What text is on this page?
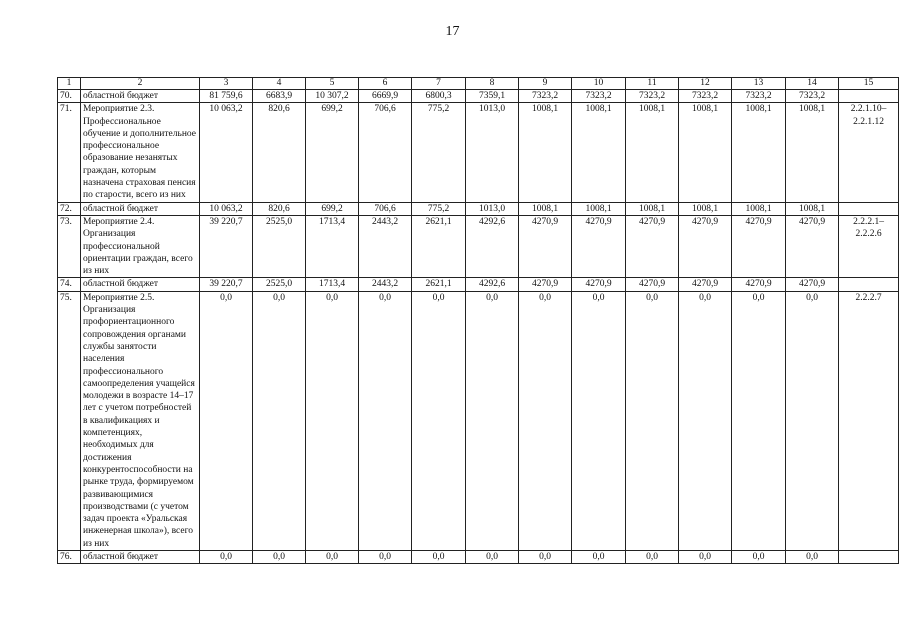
17
1	2	3	4	5	6	7	8	9	10	11	12	13	14	15
70.	областной бюджет	81 759,6	6683,9	10 307,2	6669,9	6800,3	7359,1	7323,2	7323,2	7323,2	7323,2	7323,2	7323,2	
71.	Мероприятие 2.3. Профессиональное обучение и дополнительное профессиональное образование незанятых граждан, которым назначена страховая пенсия по старости, всего из них	10 063,2	820,6	699,2	706,6	775,2	1013,0	1008,1	1008,1	1008,1	1008,1	1008,1	1008,1	2.2.1.10–2.2.1.12
72.	областной бюджет	10 063,2	820,6	699,2	706,6	775,2	1013,0	1008,1	1008,1	1008,1	1008,1	1008,1	1008,1	
73.	Мероприятие 2.4. Организация профессиональной ориентации граждан, всего из них	39 220,7	2525,0	1713,4	2443,2	2621,1	4292,6	4270,9	4270,9	4270,9	4270,9	4270,9	4270,9	2.2.2.1–2.2.2.6
74.	областной бюджет	39 220,7	2525,0	1713,4	2443,2	2621,1	4292,6	4270,9	4270,9	4270,9	4270,9	4270,9	4270,9	
75.	Мероприятие 2.5. Организация профориентационного сопровождения органами службы занятости населения профессионального самоопределения учащейся молодежи в возрасте 14–17 лет с учетом потребностей в квалификациях и компетенциях, необходимых для достижения конкурентоспособности на рынке труда, формируемом развивающимися производствами (с учетом задач проекта «Уральская инженерная школа»), всего из них	0,0	0,0	0,0	0,0	0,0	0,0	0,0	0,0	0,0	0,0	0,0	0,0	2.2.2.7
76.	областной бюджет	0,0	0,0	0,0	0,0	0,0	0,0	0,0	0,0	0,0	0,0	0,0	0,0	
